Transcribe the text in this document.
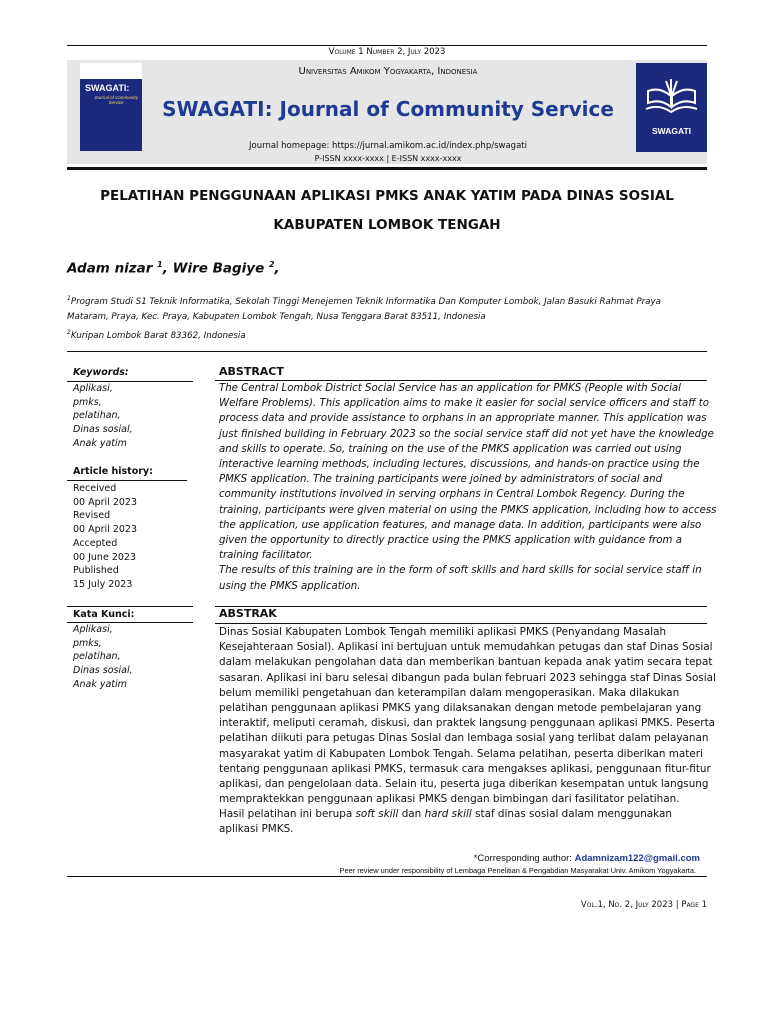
Volume 1 Number 2, July 2023
SWAGATI:
Journal of Community Service
Universitas Amikom Yogyakarta, Indonesia
SWAGATI: Journal of Community Service
Journal homepage: https://jurnal.amikom.ac.id/index.php/swagati
P-ISSN xxxx-xxxx | E-ISSN xxxx-xxxx
SWAGATI
PELATIHAN PENGGUNAAN APLIKASI PMKS ANAK YATIM PADA DINAS SOSIAL
KABUPATEN LOMBOK TENGAH
Adam nizar $^1$, Wire Bagiye $^2$,
$^1$Program Studi S1 Teknik Informatika, Sekolah Tinggi Menejemen Teknik Informatika Dan Komputer Lombok, Jalan Basuki Rahmat Praya
Mataram, Praya, Kec. Praya, Kabupaten Lombok Tengah, Nusa Tenggara Barat 83511, Indonesia
$^2$Kuripan Lombok Barat 83362, Indonesia
Keywords:
Aplikasi,
pmks,
pelatihan,
Dinas sosial,
Anak yatim
Article history:
Received
00 April 2023
Revised
00 April 2023
Accepted
00 June 2023
Published
15 July 2023
Kata Kunci:
Aplikasi,
pmks,
pelatihan,
Dinas sosial,
Anak yatim
ABSTRACT
The Central Lombok District Social Service has an application for PMKS (People with Social
Welfare Problems). This application aims to make it easier for social service officers and staff to
process data and provide assistance to orphans in an appropriate manner. This application was
just finished building in February 2023 so the social service staff did not yet have the knowledge
and skills to operate. So, training on the use of the PMKS application was carried out using
interactive learning methods, including lectures, discussions, and hands-on practice using the
PMKS application. The training participants were joined by administrators of social and
community institutions involved in serving orphans in Central Lombok Regency. During the
training, participants were given material on using the PMKS application, including how to access
the application, use application features, and manage data. In addition, participants were also
given the opportunity to directly practice using the PMKS application with guidance from a
training facilitator.
The results of this training are in the form of soft skills and hard skills for social service staff in
using the PMKS application.
ABSTRAK
Dinas Sosial Kabupaten Lombok Tengah memiliki aplikasi PMKS (Penyandang Masalah
Kesejahteraan Sosial). Aplikasi ini bertujuan untuk memudahkan petugas dan staf Dinas Sosial
dalam melakukan pengolahan data dan memberikan bantuan kepada anak yatim secara tepat
sasaran. Aplikasi ini baru selesai dibangun pada bulan februari 2023 sehingga staf Dinas Sosial
belum memiliki pengetahuan dan keterampilan dalam mengoperasikan. Maka dilakukan
pelatihan penggunaan aplikasi PMKS yang dilaksanakan dengan metode pembelajaran yang
interaktif, meliputi ceramah, diskusi, dan praktek langsung penggunaan aplikasi PMKS. Peserta
pelatihan diikuti para petugas Dinas Sosial dan lembaga sosial yang terlibat dalam pelayanan
masyarakat yatim di Kabupaten Lombok Tengah. Selama pelatihan, peserta diberikan materi
tentang penggunaan aplikasi PMKS, termasuk cara mengakses aplikasi, penggunaan fitur-fitur
aplikasi, dan pengelolaan data. Selain itu, peserta juga diberikan kesempatan untuk langsung
mempraktekkan penggunaan aplikasi PMKS dengan bimbingan dari fasilitator pelatihan.
Hasil pelatihan ini berupa soft skill dan hard skill staf dinas sosial dalam menggunakan
aplikasi PMKS.
*Corresponding author: Adamnizam122@gmail.com
Peer review under responsibility of Lembaga Penelitian & Pengabdian Masyarakat Univ. Amikom Yogyakarta.
Vol.1, No. 2, July 2023 | Page 1
